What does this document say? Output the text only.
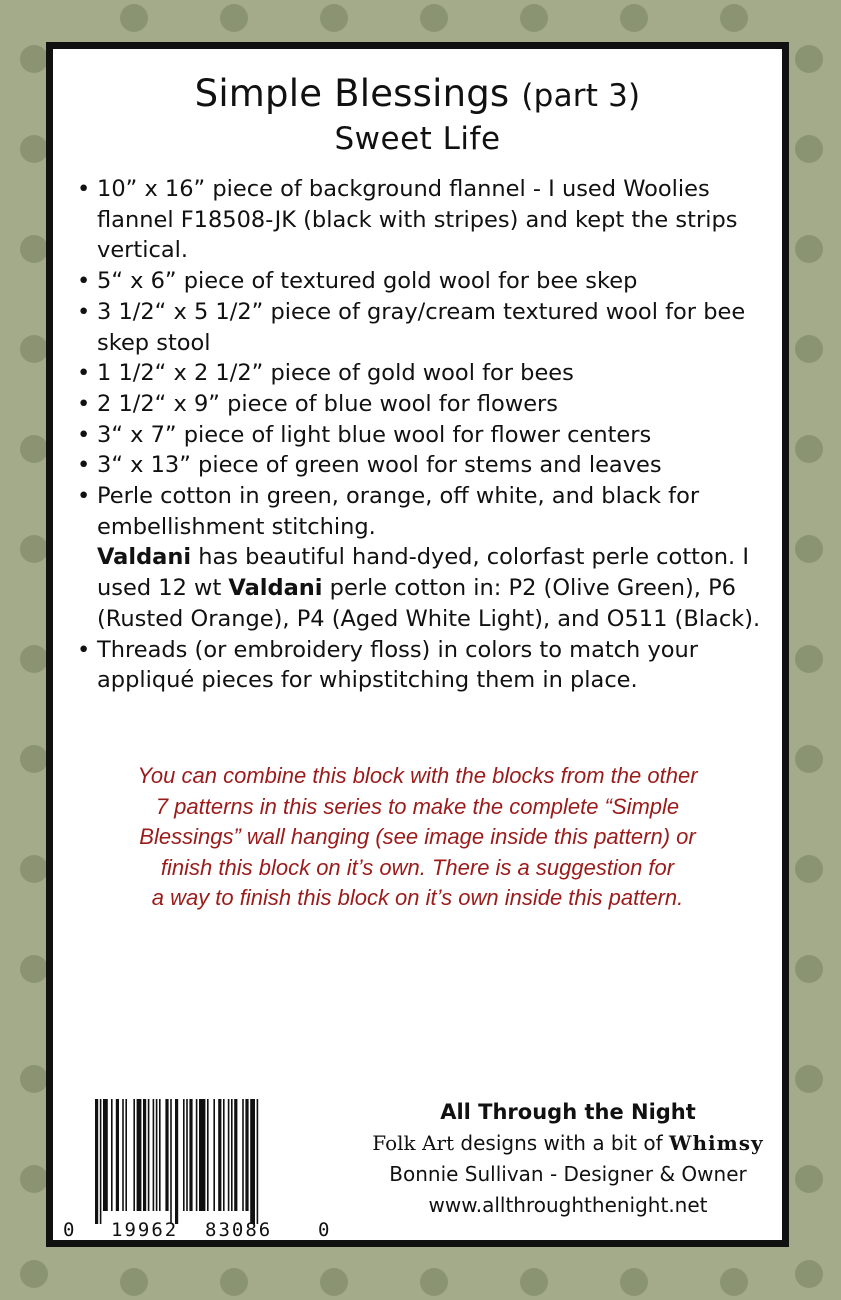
Simple Blessings (part 3)
Sweet Life
• 10” x 16” piece of background flannel - I used Woolies flannel F18508-JK (black with stripes) and kept the strips vertical.
• 5“ x 6” piece of textured gold wool for bee skep
• 3 1/2“ x 5 1/2” piece of gray/cream textured wool for bee skep stool
• 1 1/2“ x 2 1/2” piece of gold wool for bees
• 2 1/2“ x 9” piece of blue wool for flowers
• 3“ x 7” piece of light blue wool for flower centers
• 3“ x 13” piece of green wool for stems and leaves
• Perle cotton in green, orange, off white, and black for embellishment stitching.
Valdani has beautiful hand-dyed, colorfast perle cotton. I used 12 wt Valdani perle cotton in: P2 (Olive Green), P6 (Rusted Orange), P4 (Aged White Light), and O511 (Black).
• Threads (or embroidery floss) in colors to match your appliqué pieces for whipstitching them in place.
You can combine this block with the blocks from the other
7 patterns in this series to make the complete “Simple
Blessings” wall hanging (see image inside this pattern) or
finish this block on it’s own. There is a suggestion for
a way to finish this block on it’s own inside this pattern.
0 19962 83086 0
All Through the Night
Folk Art designs with a bit of Whimsy
Bonnie Sullivan - Designer & Owner
www.allthroughthenight.net
